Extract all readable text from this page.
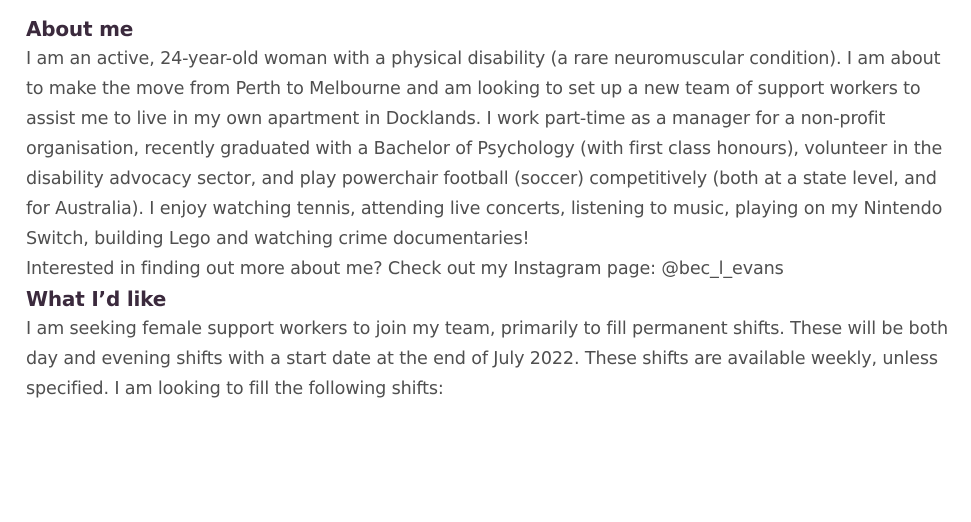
About me

I am an active, 24-year-old woman with a physical disability (a rare neuromuscular condition). I am about to make the move from Perth to Melbourne and am looking to set up a new team of support workers to assist me to live in my own apartment in Docklands. I work part-time as a manager for a non-profit organisation, recently graduated with a Bachelor of Psychology (with first class honours), volunteer in the disability advocacy sector, and play powerchair football (soccer) competitively (both at a state level, and for Australia). I enjoy watching tennis, attending live concerts, listening to music, playing on my Nintendo Switch, building Lego and watching crime documentaries!

Interested in finding out more about me? Check out my Instagram page: @bec_l_evans

What I’d like

I am seeking female support workers to join my team, primarily to fill permanent shifts. These will be both day and evening shifts with a start date at the end of July 2022. These shifts are available weekly, unless specified. I am looking to fill the following shifts:
